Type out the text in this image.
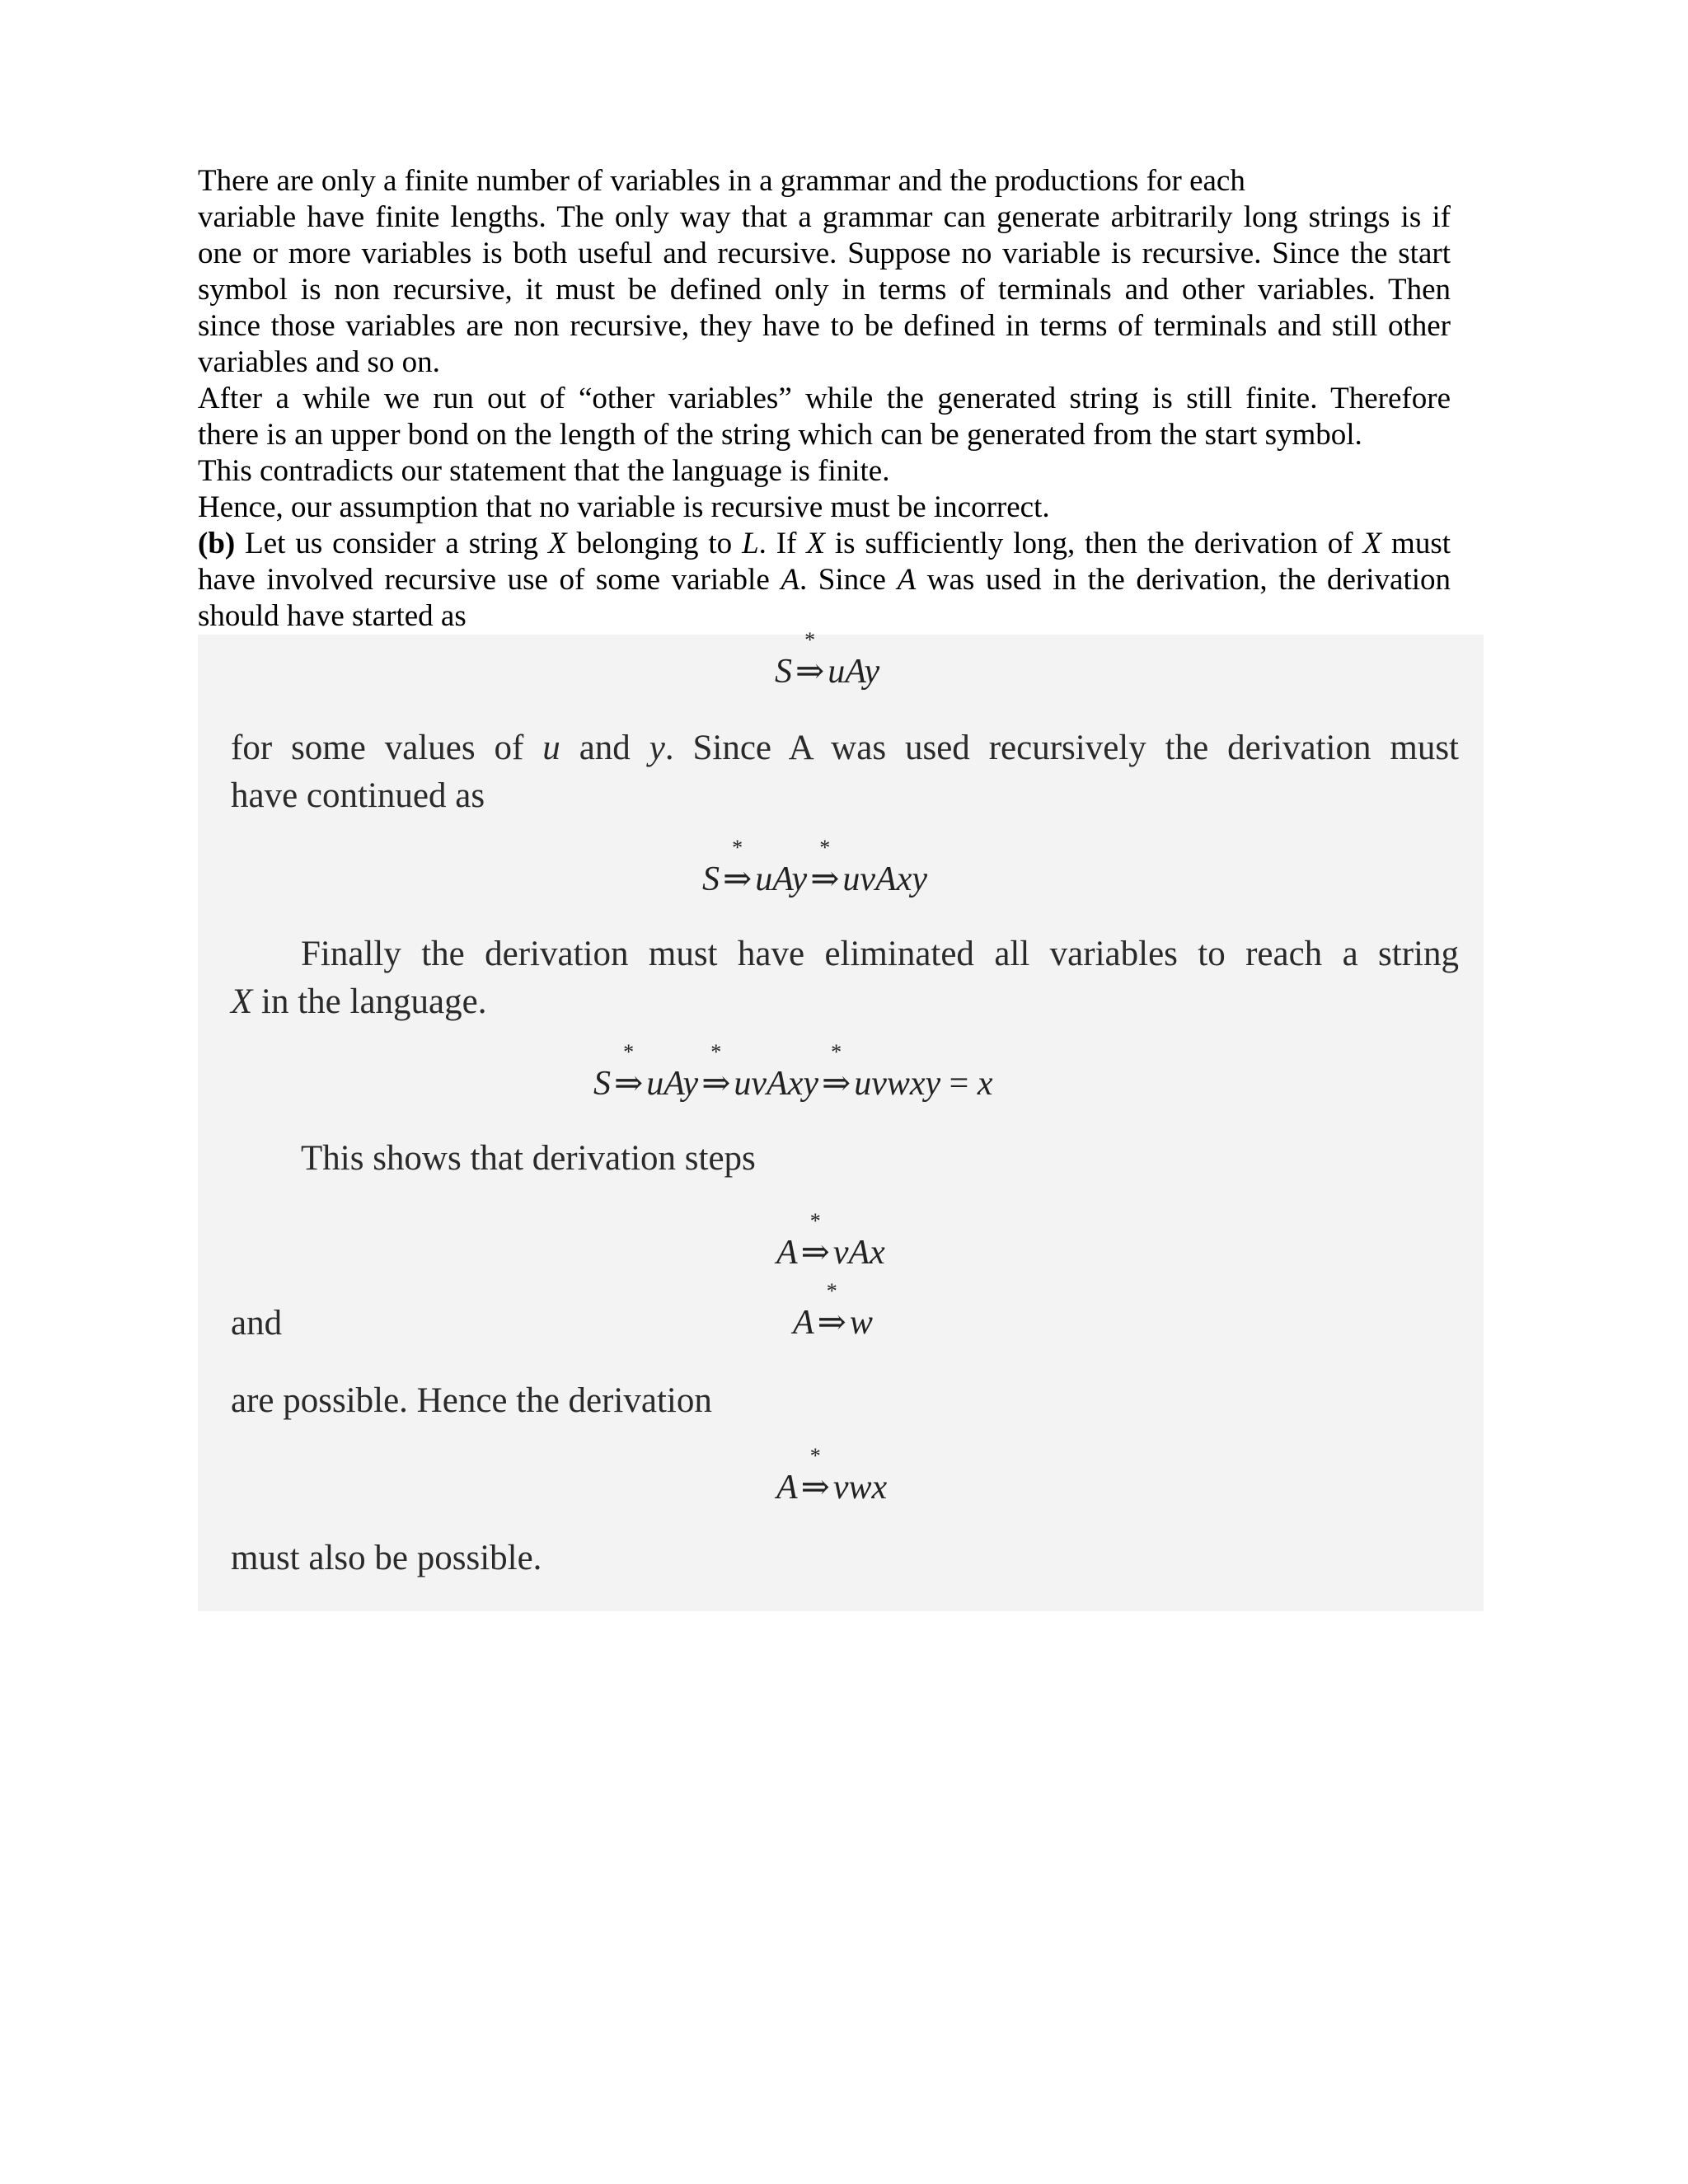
There are only a finite number of variables in a grammar and the productions for each

variable have finite lengths. The only way that a grammar can generate arbitrarily long strings is if

one or more variables is both useful and recursive. Suppose no variable is recursive. Since the start

symbol is non recursive, it must be defined only in terms of terminals and other variables. Then

since those variables are non recursive, they have to be defined in terms of terminals and still other

variables and so on.

After a while we run out of “other variables” while the generated string is still finite. Therefore

there is an upper bond on the length of the string which can be generated from the start symbol.

This contradicts our statement that the language is finite.

Hence, our assumption that no variable is recursive must be incorrect.

(b) Let us consider a string X belonging to L. If X is sufficiently long, then the derivation of X must

have involved recursive use of some variable A. Since A was used in the derivation, the derivation

should have started as

S
*
⇒uAy
for some values of u and y. Since A was used recursively the derivation must
have continued as
S
*
⇒uAy
*
⇒uvAxy
Finally the derivation must have eliminated all variables to reach a string
X in the language.
S
*
⇒uAy
*
⇒uvAxy
*
⇒uvwxy = x
This shows that derivation steps
A
*
⇒vAx
and	A
*
⇒w
are possible. Hence the derivation
A
*
⇒vwx
must also be possible.
